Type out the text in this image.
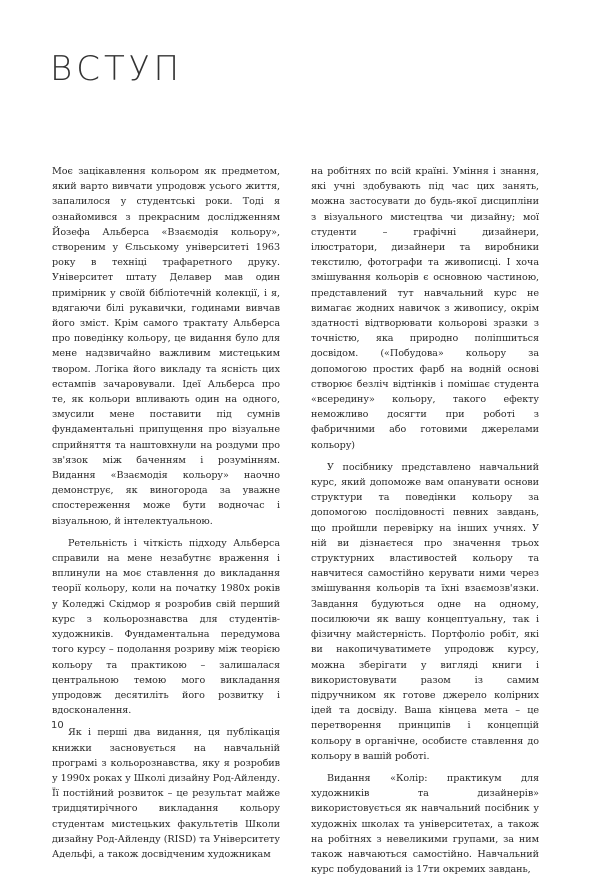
ВСТУП

Моє зацікавлення кольором як предметом, який варто вивчати упродовж усього життя, запалилося у студентські роки. Тоді я ознайомився з прекрасним дослідженням Йозефа Альберса «Взаємодія кольору», створеним у Єльському університеті 1963 року в техніці трафаретного друку. Університет штату Делавер мав один примірник у своїй бібліотечній колекції, і я, вдягаючи білі рукавички, годинами вивчав його зміст. Крім самого трактату Альберса про поведінку кольору, це видання було для мене надзвичайно важливим мистецьким твором. Логіка його викладу та ясність цих естампів зачаровували. Ідеї Альберса про те, як кольори впливають один на одного, змусили мене поставити під сумнів фундаментальні припущення про візуальне сприйняття та наштовхнули на роздуми про зв'язок між баченням і розумінням. Видання «Взаємодія кольору» наочно демонструє, як виногорода за уважне спостереження може бути водночас і візуальною, й інтелектуальною.

Ретельність і чіткість підходу Альберса справили на мене незабутнє враження і вплинули на моє ставлення до викладання теорії кольору, коли на початку 1980х років у Коледжі Скідмор я розробив свій перший курс з кольорознавства для студентів-художників. Фундаментальна передумова того курсу – подолання розриву між теорією кольору та практикою – залишалася центральною темою мого викладання упродовж десятиліть його розвитку і вдосконалення.

Як і перші два видання, ця публікація книжки засновується на навчальній програмі з кольорознавства, яку я розробив у 1990х роках у Школі дизайну Род-Айленду. Її постійний розвиток – це результат майже тридцятирічного викладання кольору студентам мистецьких факультетів Школи дизайну Род-Айленду (RISD) та Університету Адельфі, а також досвідченим художникам

на робітнях по всій країні. Уміння і знання, які учні здобувають під час цих занять, можна застосувати до будь-якої дисципліни з візуального мистецтва чи дизайну; мої студенти – графічні дизайнери, ілюстратори, дизайнери та виробники текстилю, фотографи та живописці. І хоча змішування кольорів є основною частиною, представлений тут навчальний курс не вимагає жодних навичок з живопису, окрім здатності відтворювати кольорові зразки з точністю, яка природно поліпшиться досвідом. («Побудова» кольору за допомогою простих фарб на водній основі створює безліч відтінків і помішає студента «всередину» кольору, такого ефекту неможливо досягти при роботі з фабричними або готовими джерелами кольору)

У посібнику представлено навчальний курс, який допоможе вам опанувати основи структури та поведінки кольору за допомогою послідовності певних завдань, що пройшли перевірку на інших учнях. У ній ви дізнаєтеся про значення трьох структурних властивостей кольору та навчитеся самостійно керувати ними через змішування кольорів та їхні взаємозв'язки. Завдання будуються одне на одному, посилюючи як вашу концептуальну, так і фізичну майстерність. Портфоліо робіт, які ви накопичуватимете упродовж курсу, можна зберігати у вигляді книги і використовувати разом із самим підручником як готове джерело колірних ідей та досвіду. Ваша кінцева мета – це перетворення принципів і концепцій кольору в органічне, особисте ставлення до кольору в вашій роботі.

Видання «Колір: практикум для художників та дизайнерів» використовується як навчальний посібник у художніх школах та університетах, а також на робітнях з невеликими групами, за ним також навчаються самостійно. Навчальний курс побудований із 17ти окремих завдань,

10
